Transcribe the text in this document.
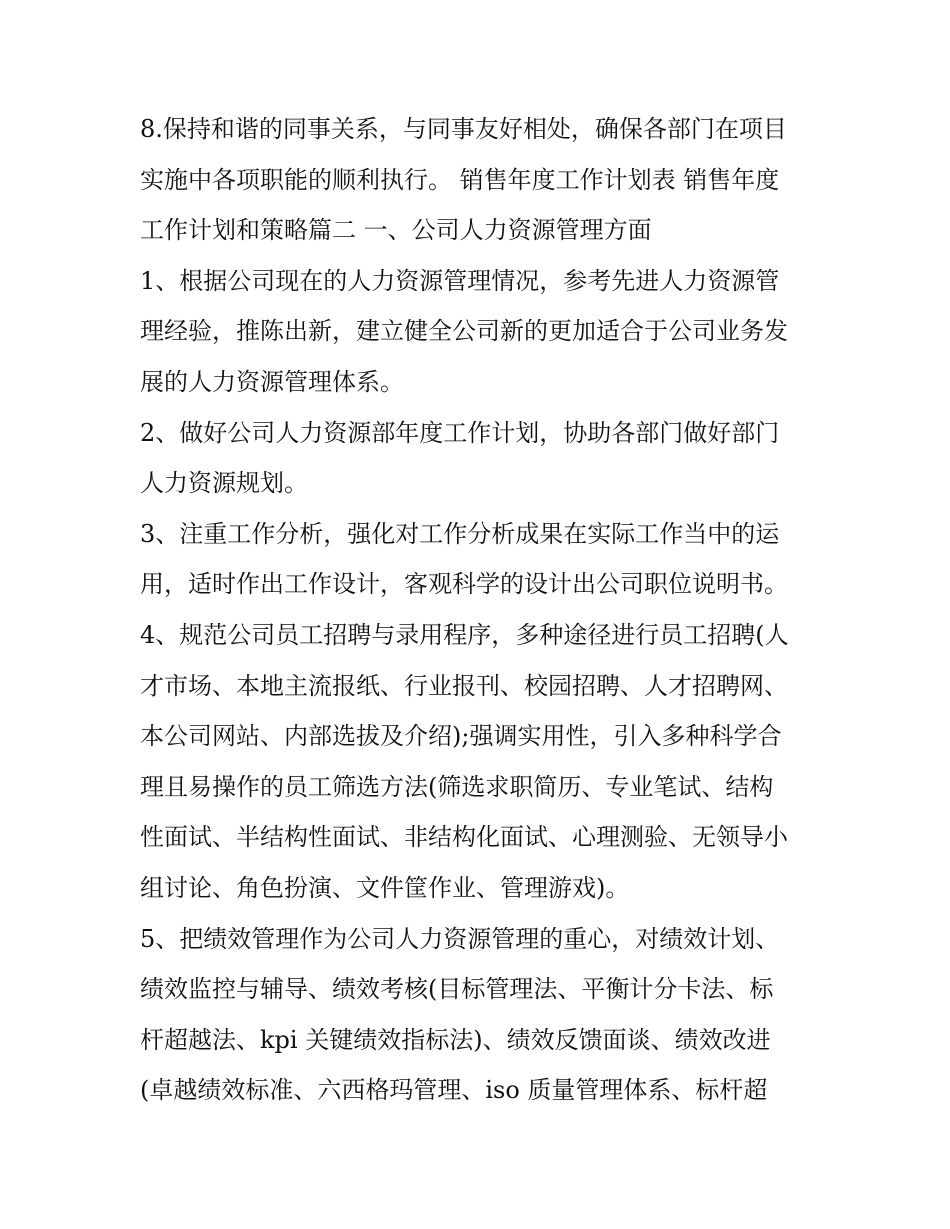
8.保持和谐的同事关系，与同事友好相处，确保各部门在项目
实施中各项职能的顺利执行。 销售年度工作计划表 销售年度
工作计划和策略篇二 一、公司人力资源管理方面

1、根据公司现在的人力资源管理情况，参考先进人力资源管
理经验，推陈出新，建立健全公司新的更加适合于公司业务发
展的人力资源管理体系。

2、做好公司人力资源部年度工作计划，协助各部门做好部门
人力资源规划。

3、注重工作分析，强化对工作分析成果在实际工作当中的运
用，适时作出工作设计，客观科学的设计出公司职位说明书。

4、规范公司员工招聘与录用程序，多种途径进行员工招聘(人
才市场、本地主流报纸、行业报刊、校园招聘、人才招聘网、
本公司网站、内部选拔及介绍);强调实用性，引入多种科学合
理且易操作的员工筛选方法(筛选求职简历、专业笔试、结构
性面试、半结构性面试、非结构化面试、心理测验、无领导小
组讨论、角色扮演、文件筐作业、管理游戏)。

5、把绩效管理作为公司人力资源管理的重心，对绩效计划、
绩效监控与辅导、绩效考核(目标管理法、平衡计分卡法、标
杆超越法、kpi 关键绩效指标法)、绩效反馈面谈、绩效改进
(卓越绩效标准、六西格玛管理、iso 质量管理体系、标杆超
